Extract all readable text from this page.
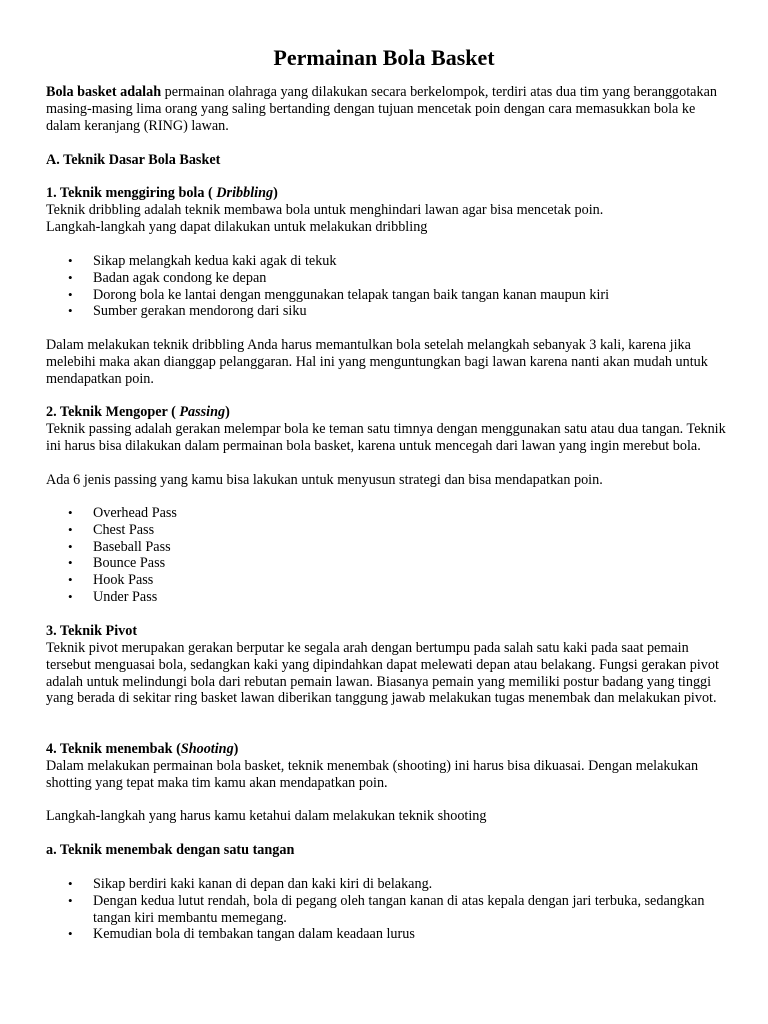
Permainan Bola Basket

Bola basket adalah permainan olahraga yang dilakukan secara berkelompok, terdiri atas dua tim yang beranggotakan masing-masing lima orang yang saling bertanding dengan tujuan mencetak poin dengan cara memasukkan bola ke dalam keranjang (RING) lawan.

A. Teknik Dasar Bola Basket

1. Teknik menggiring bola ( Dribbling)

Teknik dribbling adalah teknik membawa bola untuk menghindari lawan agar bisa mencetak poin.

Langkah-langkah yang dapat dilakukan untuk melakukan dribbling

• Sikap melangkah kedua kaki agak di tekuk
• Badan agak condong ke depan
• Dorong bola ke lantai dengan menggunakan telapak tangan baik tangan kanan maupun kiri
• Sumber gerakan mendorong dari siku

Dalam melakukan teknik dribbling Anda harus memantulkan bola setelah melangkah sebanyak 3 kali, karena jika melebihi maka akan dianggap pelanggaran. Hal ini yang menguntungkan bagi lawan karena nanti akan mudah untuk mendapatkan poin.

2. Teknik Mengoper ( Passing)

Teknik passing adalah gerakan melempar bola ke teman satu timnya dengan menggunakan satu atau dua tangan. Teknik ini harus bisa dilakukan dalam permainan bola basket, karena untuk mencegah dari lawan yang ingin merebut bola.

Ada 6 jenis passing yang kamu bisa lakukan untuk menyusun strategi dan bisa mendapatkan poin.

• Overhead Pass
• Chest Pass
• Baseball Pass
• Bounce Pass
• Hook Pass
• Under Pass

3. Teknik Pivot

Teknik pivot merupakan gerakan berputar ke segala arah dengan bertumpu pada salah satu kaki pada saat pemain tersebut menguasai bola, sedangkan kaki yang dipindahkan dapat melewati depan atau belakang. Fungsi gerakan pivot adalah untuk melindungi bola dari rebutan pemain lawan. Biasanya pemain yang memiliki postur badang yang tinggi yang berada di sekitar ring basket lawan diberikan tanggung jawab melakukan tugas menembak dan melakukan pivot.

4. Teknik menembak (Shooting)

Dalam melakukan permainan bola basket, teknik menembak (shooting) ini harus bisa dikuasai. Dengan melakukan shotting yang tepat maka tim kamu akan mendapatkan poin.

Langkah-langkah yang harus kamu ketahui dalam melakukan teknik shooting

a. Teknik menembak dengan satu tangan

• Sikap berdiri kaki kanan di depan dan kaki kiri di belakang.
• Dengan kedua lutut rendah, bola di pegang oleh tangan kanan di atas kepala dengan jari terbuka, sedangkan tangan kiri membantu memegang.
• Kemudian bola di tembakan tangan dalam keadaan lurus
